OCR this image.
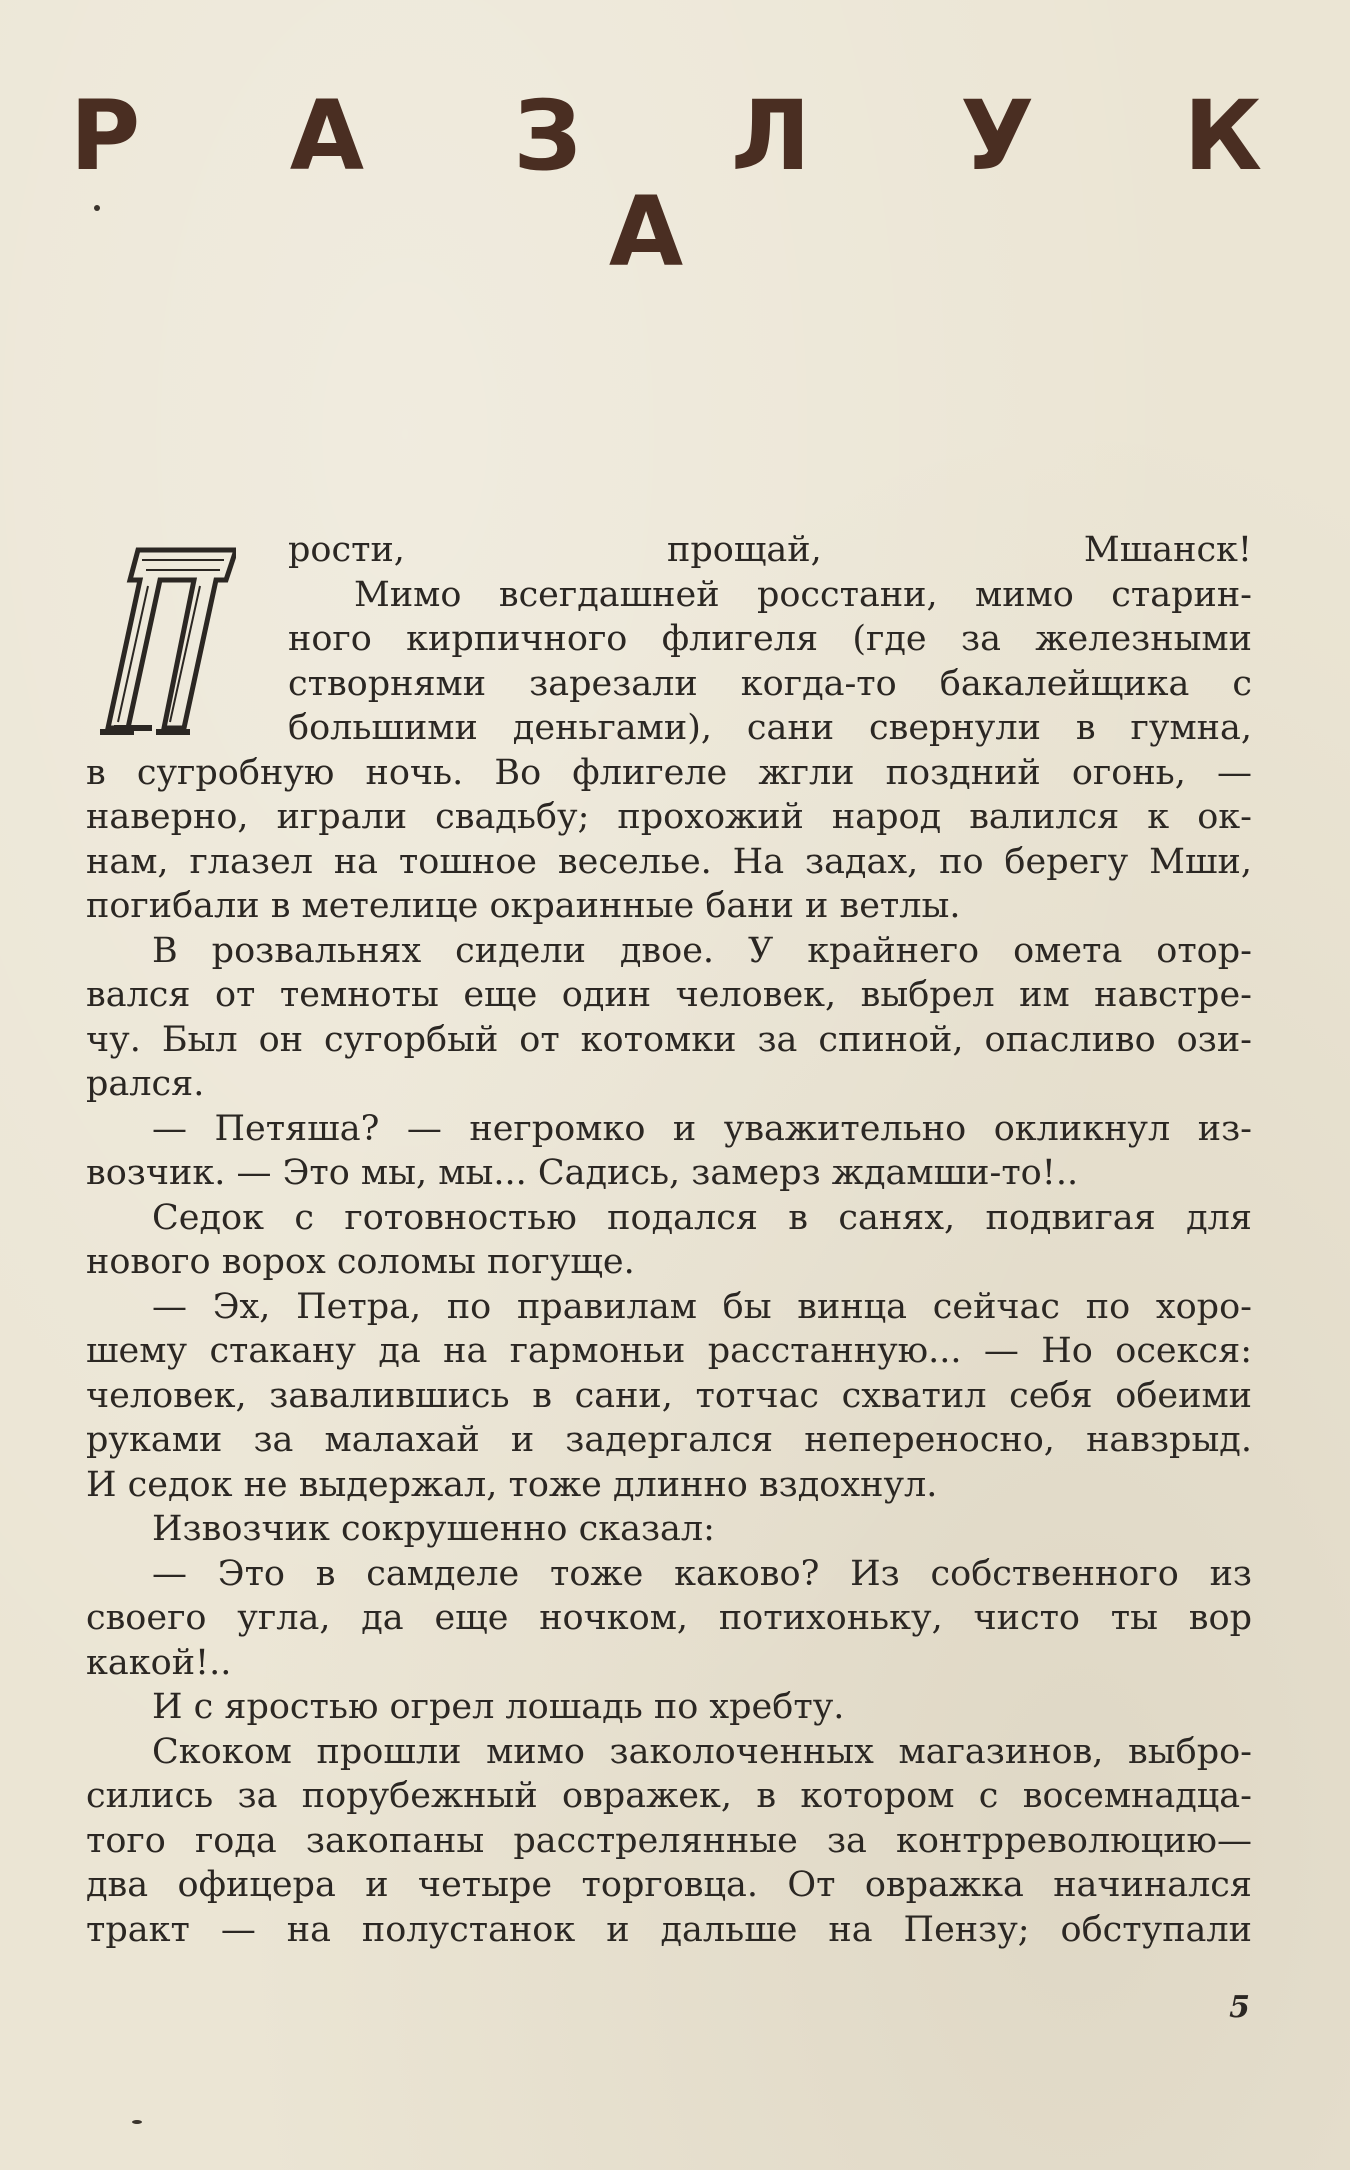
Р А З Л У К А
рости, прощай, Мшанск!
Мимо всегдашней росстани, мимо старин-
ного кирпичного флигеля (где за железными
створнями зарезали когда-то бакалейщика с
большими деньгами), сани свернули в гумна,
в сугробную ночь. Во флигеле жгли поздний огонь, —
наверно, играли свадьбу; прохожий народ валился к ок-
нам, глазел на тошное веселье. На задах, по берегу Мши,
погибали в метелице окраинные бани и ветлы.
В розвальнях сидели двое. У крайнего омета отор-
вался от темноты еще один человек, выбрел им навстре-
чу. Был он сугорбый от котомки за спиной, опасливо ози-
рался.
— Петяша? — негромко и уважительно окликнул из-
возчик. — Это мы, мы... Садись, замерз ждамши-то!..
Седок с готовностью подался в санях, подвигая для
нового ворох соломы погуще.
— Эх, Петра, по правилам бы винца сейчас по хоро-
шему стакану да на гармоньи расстанную... — Но осекся:
человек, завалившись в сани, тотчас схватил себя обеими
руками за малахай и задергался непереносно, навзрыд.
И седок не выдержал, тоже длинно вздохнул.
Извозчик сокрушенно сказал:
— Это в самделе тоже каково? Из собственного из
своего угла, да еще ночком, потихоньку, чисто ты вор
какой!..
И с яростью огрел лошадь по хребту.
Скоком прошли мимо заколоченных магазинов, выбро-
сились за порубежный овражек, в котором с восемнадца-
того года закопаны расстрелянные за контрреволюцию—
два офицера и четыре торговца. От овражка начинался
тракт — на полустанок и дальше на Пензу; обступали
5
